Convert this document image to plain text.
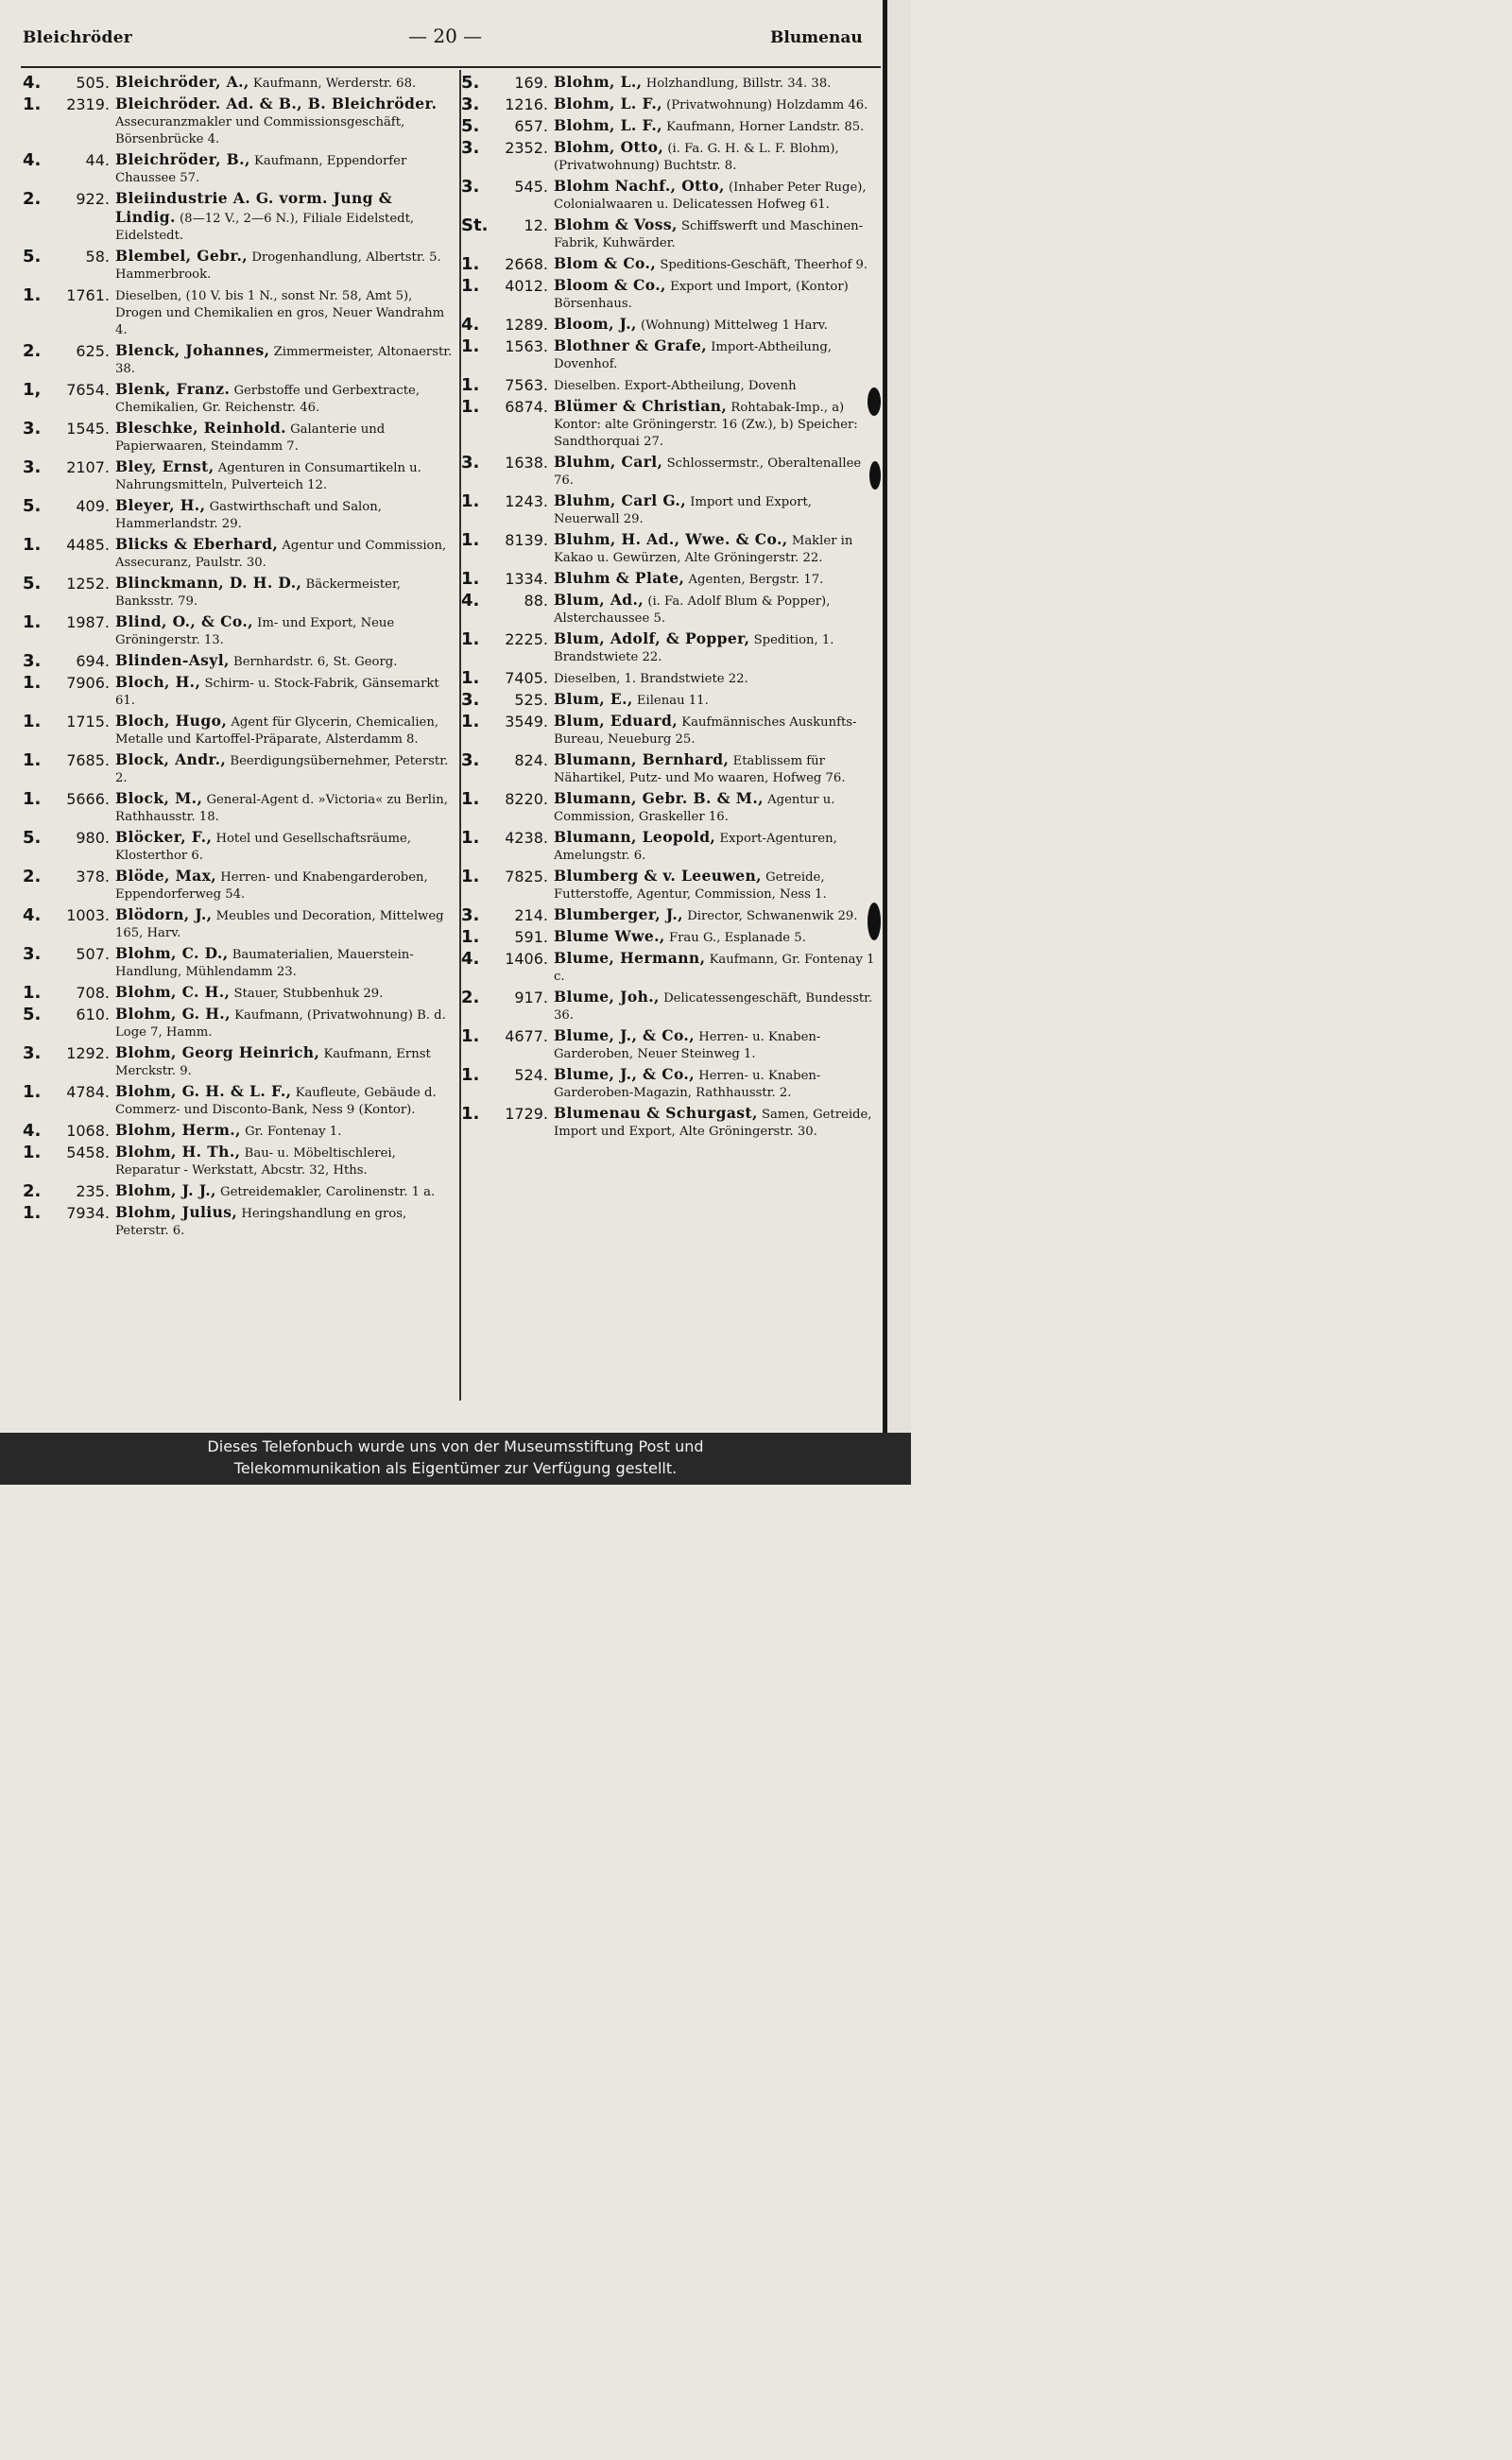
Bleichröder	— 20 —	Blumenau
4.	505. Bleichröder, A., Kaufmann, Werderstr. 68.
1.	2319. Bleichröder. Ad. & B., B. Bleichröder. Assecuranzmakler und Commissionsgeschäft, Börsenbrücke 4.
4.	44. Bleichröder, B., Kaufmann, Eppendorfer Chaussee 57.
2.	922. Bleiindustrie A. G. vorm. Jung & Lindig. (8—12 V., 2—6 N.), Filiale Eidelstedt, Eidelstedt.
5.	58. Blembel, Gebr., Drogenhandlung, Albertstr. 5. Hammerbrook.
1.	1761. Dieselben, (10 V. bis 1 N., sonst Nr. 58, Amt 5), Drogen und Chemikalien en gros, Neuer Wandrahm 4.
2.	625. Blenck, Johannes, Zimmermeister, Altonaerstr. 38.
1,	7654. Blenk, Franz. Gerbstoffe und Gerbextracte, Chemikalien, Gr. Reichenstr. 46.
3.	1545. Bleschke, Reinhold. Galanterie und Papierwaaren, Steindamm 7.
3.	2107. Bley, Ernst, Agenturen in Consumartikeln u. Nahrungsmitteln, Pulverteich 12.
5.	409. Bleyer, H., Gastwirthschaft und Salon, Hammerlandstr. 29.
1.	4485. Blicks & Eberhard, Agentur und Commission, Assecuranz, Paulstr. 30.
5.	1252. Blinckmann, D. H. D., Bäckermeister, Banksstr. 79.
1.	1987. Blind, O., & Co., Im- und Export, Neue Gröningerstr. 13.
3.	694. Blinden-Asyl, Bernhardstr. 6, St. Georg.
1.	7906. Bloch, H., Schirm- u. Stock-Fabrik, Gänsemarkt 61.
1.	1715. Bloch, Hugo, Agent für Glycerin, Chemicalien, Metalle und Kartoffel-Präparate, Alsterdamm 8.
1.	7685. Block, Andr., Beerdigungsübernehmer, Peterstr. 2.
1.	5666. Block, M., General-Agent d. »Victoria« zu Berlin, Rathhausstr. 18.
5.	980. Blöcker, F., Hotel und Gesellschaftsräume, Klosterthor 6.
2.	378. Blöde, Max, Herren- und Knabengarderoben, Eppendorferweg 54.
4.	1003. Blödorn, J., Meubles und Decoration, Mittelweg 165, Harv.
3.	507. Blohm, C. D., Baumaterialien, Mauerstein-Handlung, Mühlendamm 23.
1.	708. Blohm, C. H., Stauer, Stubbenhuk 29.
5.	610. Blohm, G. H., Kaufmann, (Privatwohnung) B. d. Loge 7, Hamm.
3.	1292. Blohm, Georg Heinrich, Kaufmann, Ernst Merckstr. 9.
1.	4784. Blohm, G. H. & L. F., Kaufleute, Gebäude d. Commerz- und Disconto-Bank, Ness 9 (Kontor).
4.	1068. Blohm, Herm., Gr. Fontenay 1.
1.	5458. Blohm, H. Th., Bau- u. Möbeltischlerei, Reparatur - Werkstatt, Abcstr. 32, Hths.
2.	235. Blohm, J. J., Getreidemakler, Carolinenstr. 1 a.
1.	7934. Blohm, Julius, Heringshandlung en gros, Peterstr. 6.
5.	169. Blohm, L., Holzhandlung, Billstr. 34. 38.
3.	1216. Blohm, L. F., (Privatwohnung) Holzdamm 46.
5.	657. Blohm, L. F., Kaufmann, Horner Landstr. 85.
3.	2352. Blohm, Otto, (i. Fa. G. H. & L. F. Blohm), (Privatwohnung) Buchtstr. 8.
3.	545. Blohm Nachf., Otto, (Inhaber Peter Ruge), Colonialwaaren u. Delicatessen Hofweg 61.
St.	12. Blohm & Voss, Schiffswerft und Maschinen-Fabrik, Kuhwärder.
1.	2668. Blom & Co., Speditions-Geschäft, Theerhof 9.
1.	4012. Bloom & Co., Export und Import, (Kontor) Börsenhaus.
4.	1289. Bloom, J., (Wohnung) Mittelweg 1 Harv.
1.	1563. Blothner & Grafe, Import-Abtheilung, Dovenhof.
1.	7563. Dieselben. Export-Abtheilung, Dovenh
1.	6874. Blümer & Christian, Rohtabak-Imp., a) Kontor: alte Gröningerstr. 16 (Zw.), b) Speicher: Sandthorquai 27.
3.	1638. Bluhm, Carl, Schlossermstr., Oberaltenallee 76.
1.	1243. Bluhm, Carl G., Import und Export, Neuerwall 29.
1.	8139. Bluhm, H. Ad., Wwe. & Co., Makler in Kakao u. Gewürzen, Alte Gröningerstr. 22.
1.	1334. Bluhm & Plate, Agenten, Bergstr. 17.
4.	88. Blum, Ad., (i. Fa. Adolf Blum & Popper), Alsterchaussee 5.
1.	2225. Blum, Adolf, & Popper, Spedition, 1. Brandstwiete 22.
1.	7405. Dieselben, 1. Brandstwiete 22.
3.	525. Blum, E., Eilenau 11.
1.	3549. Blum, Eduard, Kaufmännisches Auskunfts-Bureau, Neueburg 25.
3.	824. Blumann, Bernhard, Etablissem für Nähartikel, Putz- und Mo waaren, Hofweg 76.
1.	8220. Blumann, Gebr. B. & M., Agentur u. Commission, Graskeller 16.
1.	4238. Blumann, Leopold, Export-Agenturen, Amelungstr. 6.
1.	7825. Blumberg & v. Leeuwen, Getreide, Futterstoffe, Agentur, Commission, Ness 1.
3.	214. Blumberger, J., Director, Schwanenwik 29.
1.	591. Blume Wwe., Frau G., Esplanade 5.
4.	1406. Blume, Hermann, Kaufmann, Gr. Fontenay 1 c.
2.	917. Blume, Joh., Delicatessengeschäft, Bundesstr. 36.
1.	4677. Blume, J., & Co., Herren- u. Knaben-Garderoben, Neuer Steinweg 1.
1.	524. Blume, J., & Co., Herren- u. Knaben-Garderoben-Magazin, Rathhausstr. 2.
1.	1729. Blumenau & Schurgast, Samen, Getreide, Import und Export, Alte Gröningerstr. 30.
Dieses Telefonbuch wurde uns von der Museumsstiftung Post und
Telekommunikation als Eigentümer zur Verfügung gestellt.
